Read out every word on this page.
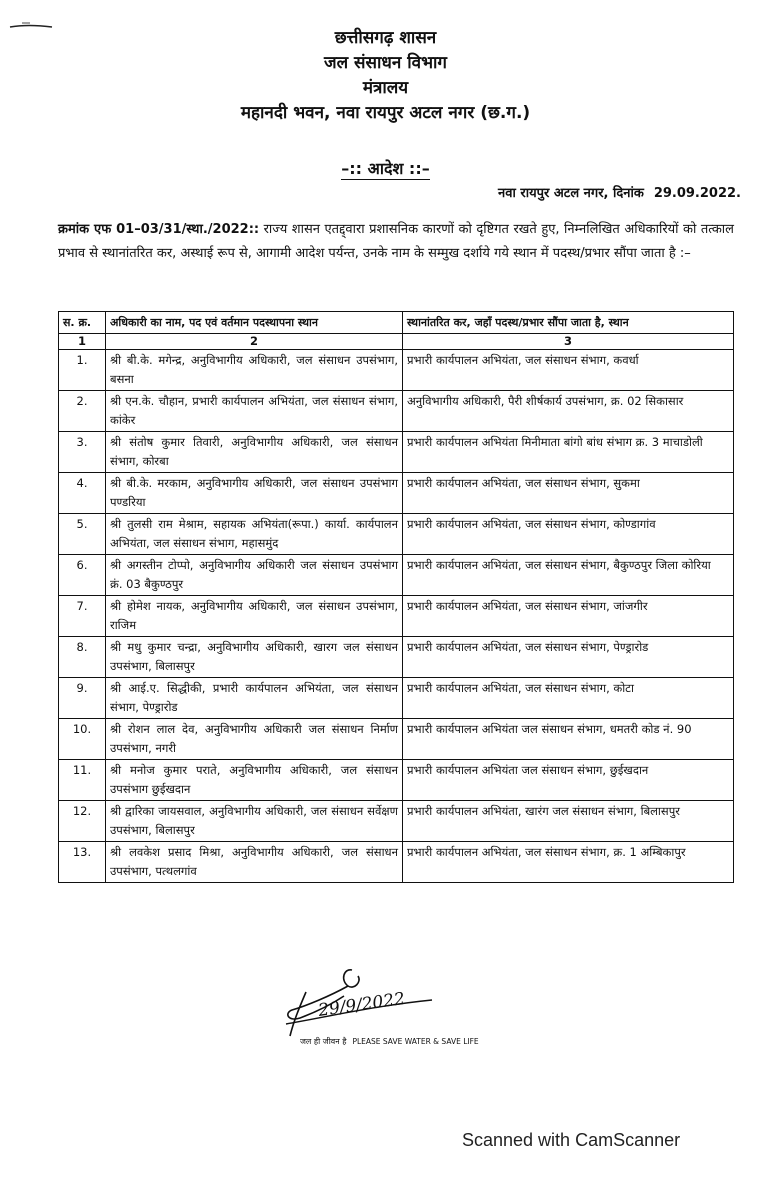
छत्तीसगढ़ शासन
जल संसाधन विभाग
मंत्रालय
महानदी भवन, नवा रायपुर अटल नगर (छ.ग.)
–:: आदेश ::–
नवा रायपुर अटल नगर, दिनांक 29.09.2022.
क्रमांक एफ 01–03/31/स्था./2022:: राज्य शासन एतद्द्वारा प्रशासनिक कारणों को दृष्टिगत रखते हुए, निम्नलिखित अधिकारियों को तत्काल प्रभाव से स्थानांतरित कर, अस्थाई रूप से, आगामी आदेश पर्यन्त, उनके नाम के सम्मुख दर्शाये गये स्थान में पदस्थ/प्रभार सौंपा जाता है :–
स. क्र.	अधिकारी का नाम, पद एवं वर्तमान पदस्थापना स्थान	स्थानांतरित कर, जहाँ पदस्थ/प्रभार सौंपा जाता है, स्थान
1	2	3
1.	श्री बी.के. मगेन्द्र, अनुविभागीय अधिकारी, जल संसाधन उपसंभाग, बसना	प्रभारी कार्यपालन अभियंता, जल संसाधन संभाग, कवर्धा
2.	श्री एन.के. चौहान, प्रभारी कार्यपालन अभियंता, जल संसाधन संभाग, कांकेर	अनुविभागीय अधिकारी, पैरी शीर्षकार्य उपसंभाग, क्र. 02 सिकासार
3.	श्री संतोष कुमार तिवारी, अनुविभागीय अधिकारी, जल संसाधन संभाग, कोरबा	प्रभारी कार्यपालन अभियंता मिनीमाता बांगो बांध संभाग क्र. 3 माचाडोली
4.	श्री बी.के. मरकाम, अनुविभागीय अधिकारी, जल संसाधन उपसंभाग पण्डरिया	प्रभारी कार्यपालन अभियंता, जल संसाधन संभाग, सुकमा
5.	श्री तुलसी राम मेश्राम, सहायक अभियंता(रूपा.) कार्या. कार्यपालन अभियंता, जल संसाधन संभाग, महासमुंद	प्रभारी कार्यपालन अभियंता, जल संसाधन संभाग, कोण्डागांव
6.	श्री अगस्तीन टोप्पो, अनुविभागीय अधिकारी जल संसाधन उपसंभाग क्रं. 03 बैकुण्ठपुर	प्रभारी कार्यपालन अभियंता, जल संसाधन संभाग, बैकुण्ठपुर जिला कोरिया
7.	श्री होमेश नायक, अनुविभागीय अधिकारी, जल संसाधन उपसंभाग, राजिम	प्रभारी कार्यपालन अभियंता, जल संसाधन संभाग, जांजगीर
8.	श्री मधु कुमार चन्द्रा, अनुविभागीय अधिकारी, खारग जल संसाधन उपसंभाग, बिलासपुर	प्रभारी कार्यपालन अभियंता, जल संसाधन संभाग, पेण्ड्रारोड
9.	श्री आई.ए. सिद्धीकी, प्रभारी कार्यपालन अभियंता, जल संसाधन संभाग, पेण्ड्रारोड	प्रभारी कार्यपालन अभियंता, जल संसाधन संभाग, कोटा
10.	श्री रोशन लाल देव, अनुविभागीय अधिकारी जल संसाधन निर्माण उपसंभाग, नगरी	प्रभारी कार्यपालन अभियंता जल संसाधन संभाग, धमतरी कोड नं. 90
11.	श्री मनोज कुमार पराते, अनुविभागीय अधिकारी, जल संसाधन उपसंभाग छुईखदान	प्रभारी कार्यपालन अभियंता जल संसाधन संभाग, छुईखदान
12.	श्री द्वारिका जायसवाल, अनुविभागीय अधिकारी, जल संसाधन सर्वेक्षण उपसंभाग, बिलासपुर	प्रभारी कार्यपालन अभियंता, खारंग जल संसाधन संभाग, बिलासपुर
13.	श्री लवकेश प्रसाद मिश्रा, अनुविभागीय अधिकारी, जल संसाधन उपसंभाग, पत्थलगांव	प्रभारी कार्यपालन अभियंता, जल संसाधन संभाग, क्र. 1 अम्बिकापुर
29/9/2022
जल ही जीवन है PLEASE SAVE WATER & SAVE LIFE
Scanned with CamScanner
